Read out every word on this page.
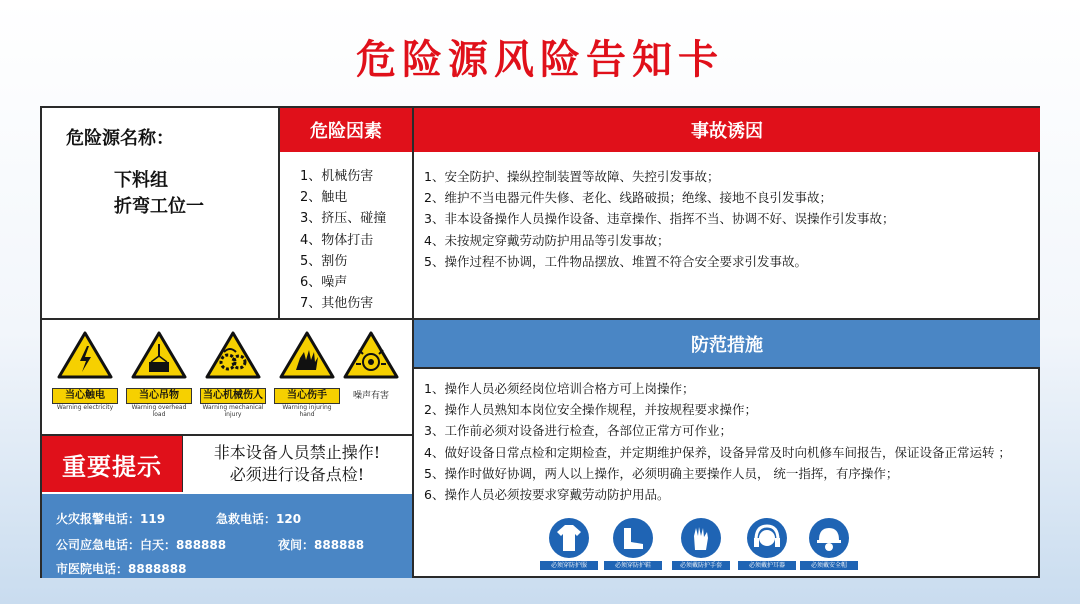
危险源风险告知卡
危险源名称：
下料组
折弯工位一
危险因素	事故诱因
防范措施
1、机械伤害
2、触电
3、挤压、碰撞
4、物体打击
5、割伤
6、噪声
7、其他伤害
1、安全防护、操纵控制装置等故障、失控引发事故；
2、维护不当电器元件失修、老化、线路破损；绝缘、接地不良引发事故；
3、非本设备操作人员操作设备、违章操作、指挥不当、协调不好、误操作引发事故；
4、未按规定穿戴劳动防护用品等引发事故；
5、操作过程不协调，工件物品摆放、堆置不符合安全要求引发事故。
1、操作人员必须经岗位培训合格方可上岗操作；
2、操作人员熟知本岗位安全操作规程，并按规程要求操作；
3、工作前必须对设备进行检查，各部位正常方可作业；
4、做好设备日常点检和定期检查，并定期维护保养，设备异常及时向机修车间报告，保证设备正常运转 ；
5、操作时做好协调，两人以上操作，必须明确主要操作人员， 统一指挥，有序操作；
6、操作人员必须按要求穿戴劳动防护用品。
当心触电
Warning electricity
当心吊物
Warning overhead load
当心机械伤人
Warning mechanical injury
当心伤手
Warning injuring hand
噪声有害
重要提示	非本设备人员禁止操作!
必须进行设备点检!
火灾报警电话：119	急救电话：120
公司应急电话：白天：888888	夜间：888888
市医院电话：8888888	必须穿防护服	必须穿防护鞋	必须戴防护手套	必须戴护耳器	必须戴安全帽
